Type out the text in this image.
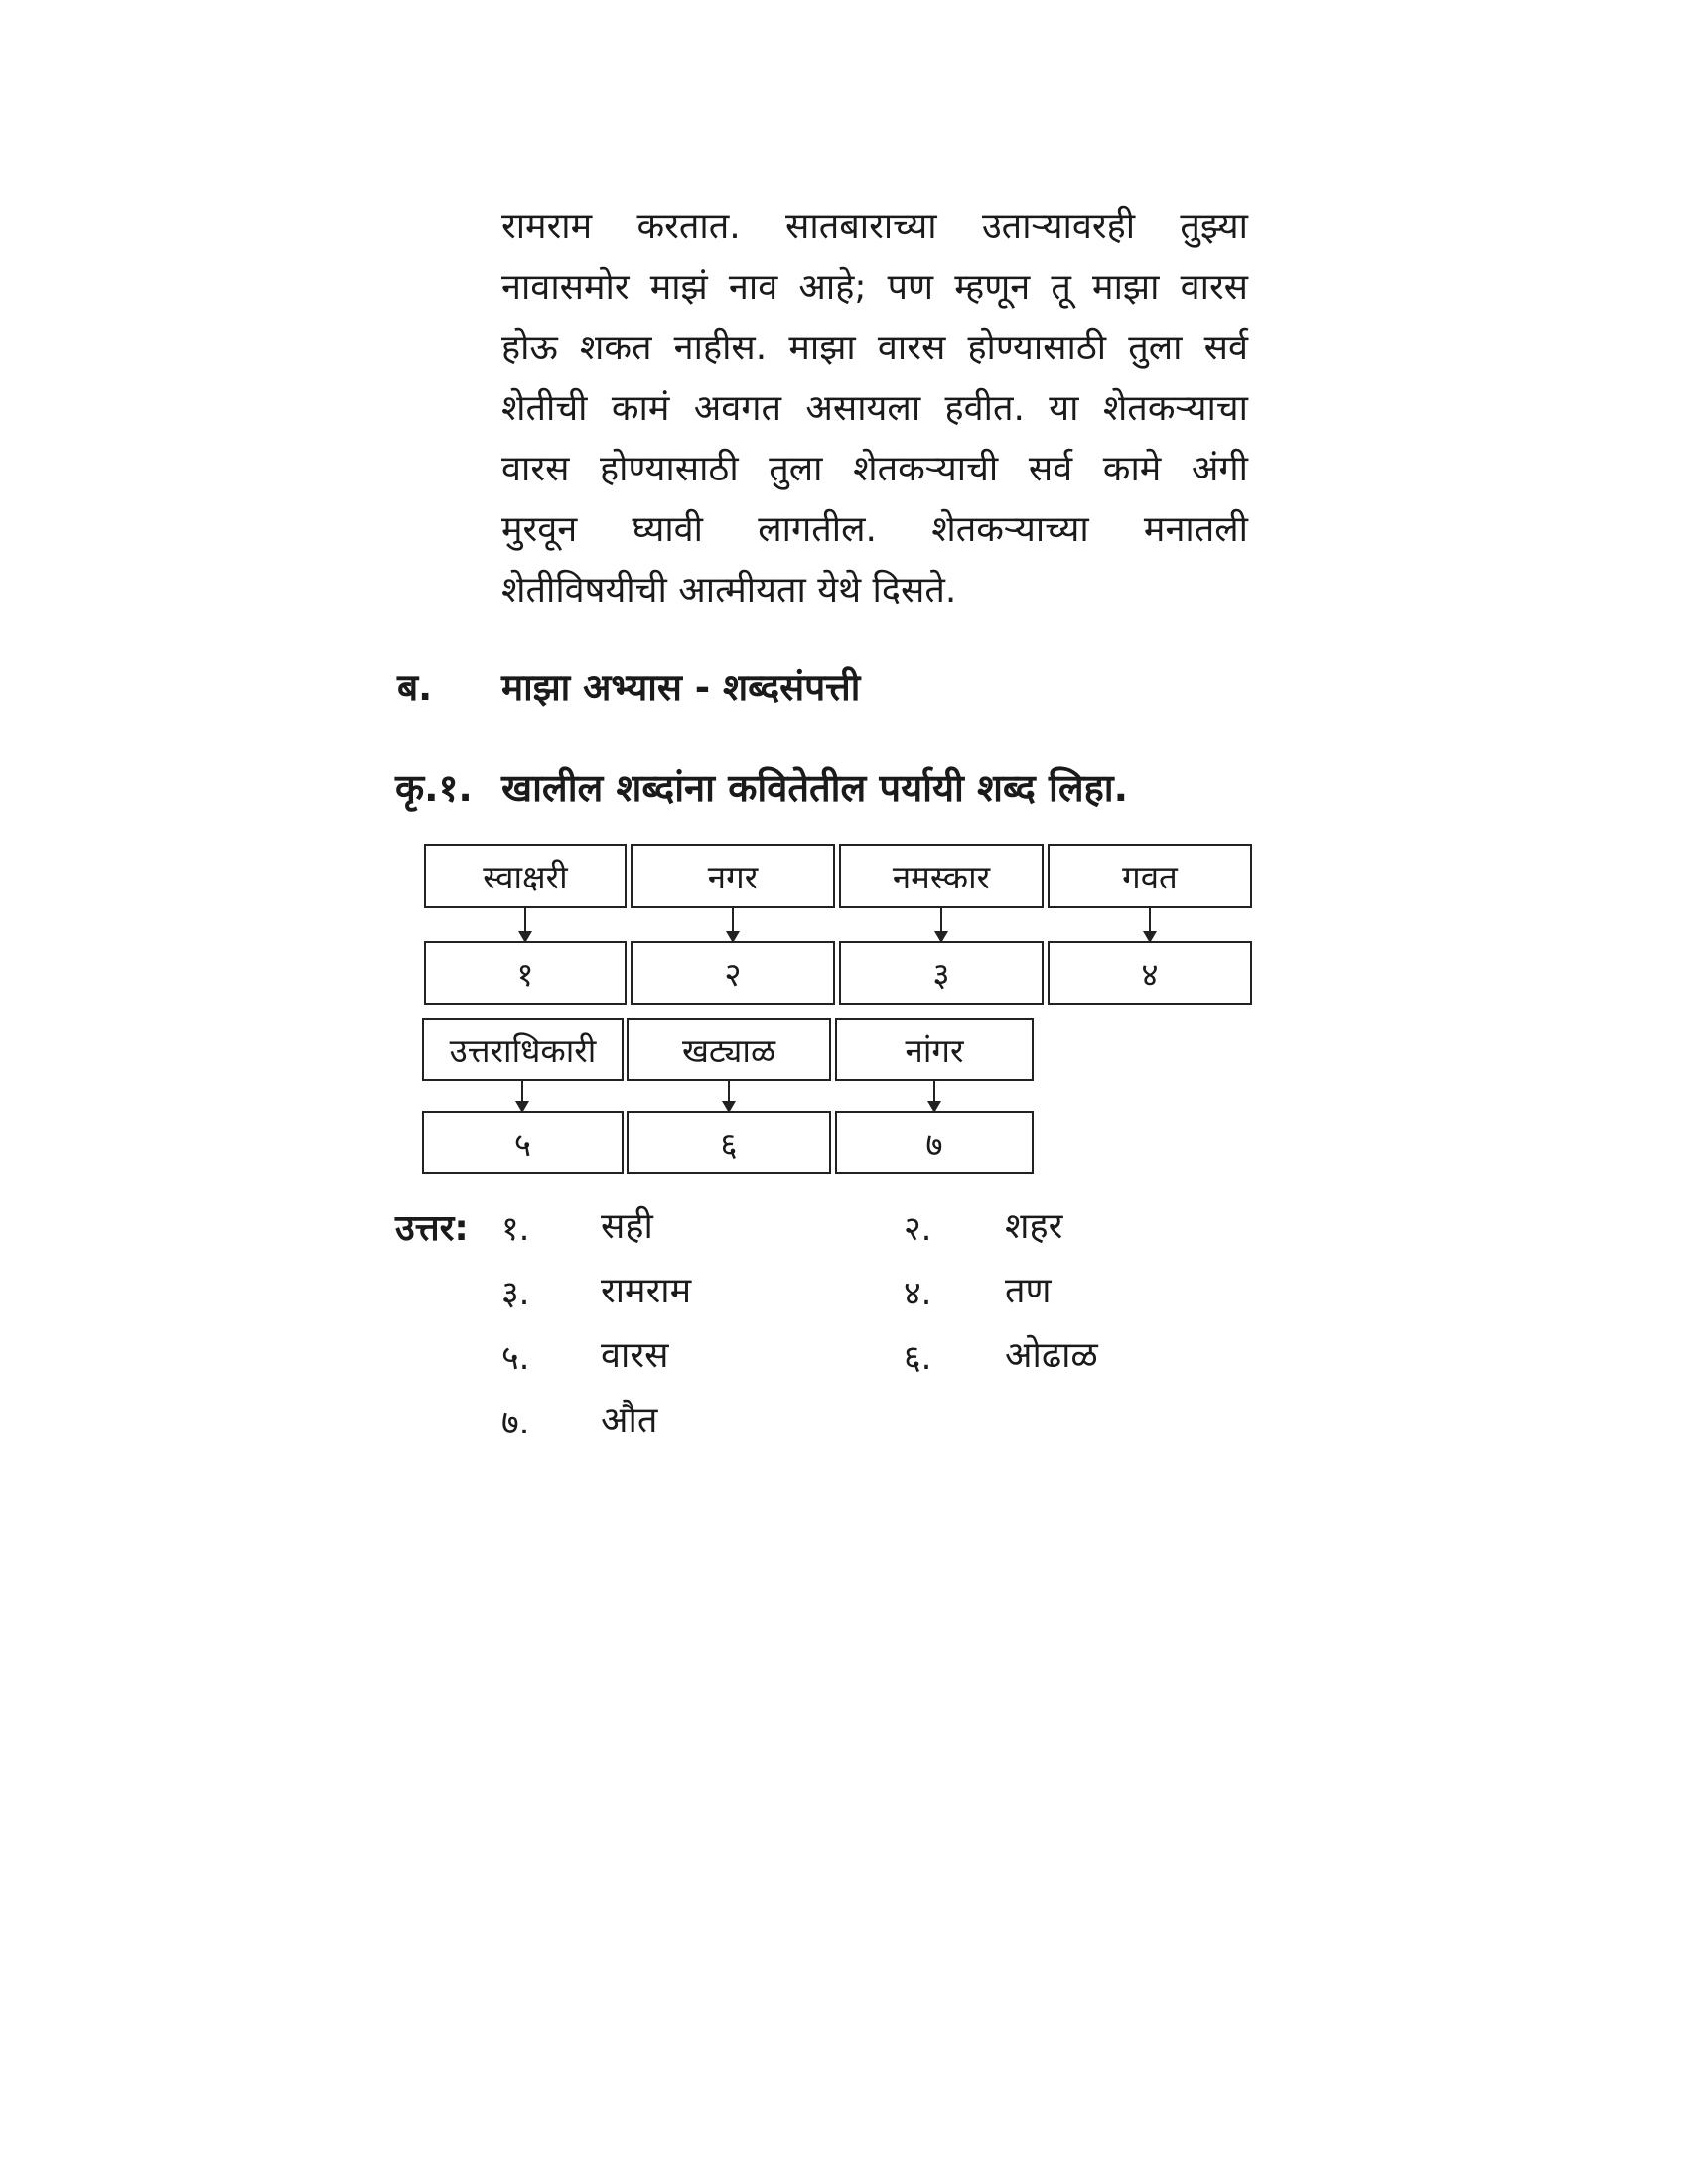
रामराम करतात. सातबाराच्या उताऱ्यावरही तुझ्या
नावासमोर माझं नाव आहे; पण म्हणून तू माझा वारस
होऊ शकत नाहीस. माझा वारस होण्यासाठी तुला सर्व
शेतीची कामं अवगत असायला हवीत. या शेतकऱ्याचा
वारस होण्यासाठी तुला शेतकऱ्याची सर्व कामे अंगी
मुरवून घ्यावी लागतील. शेतकऱ्याच्या मनातली
शेतीविषयीची आत्मीयता येथे दिसते.
ब. माझा अभ्यास - शब्दसंपत्ती
कृ.१. खालील शब्दांना कवितेतील पर्यायी शब्द लिहा.
स्वाक्षरी	नगर	नमस्कार	गवत
१	२	३	४
उत्तराधिकारी	खट्याळ	नांगर
५	६	७
उत्तर: १. सही	२. शहर
३. रामराम	४. तण
५. वारस	६. ओढाळ
७. औत
